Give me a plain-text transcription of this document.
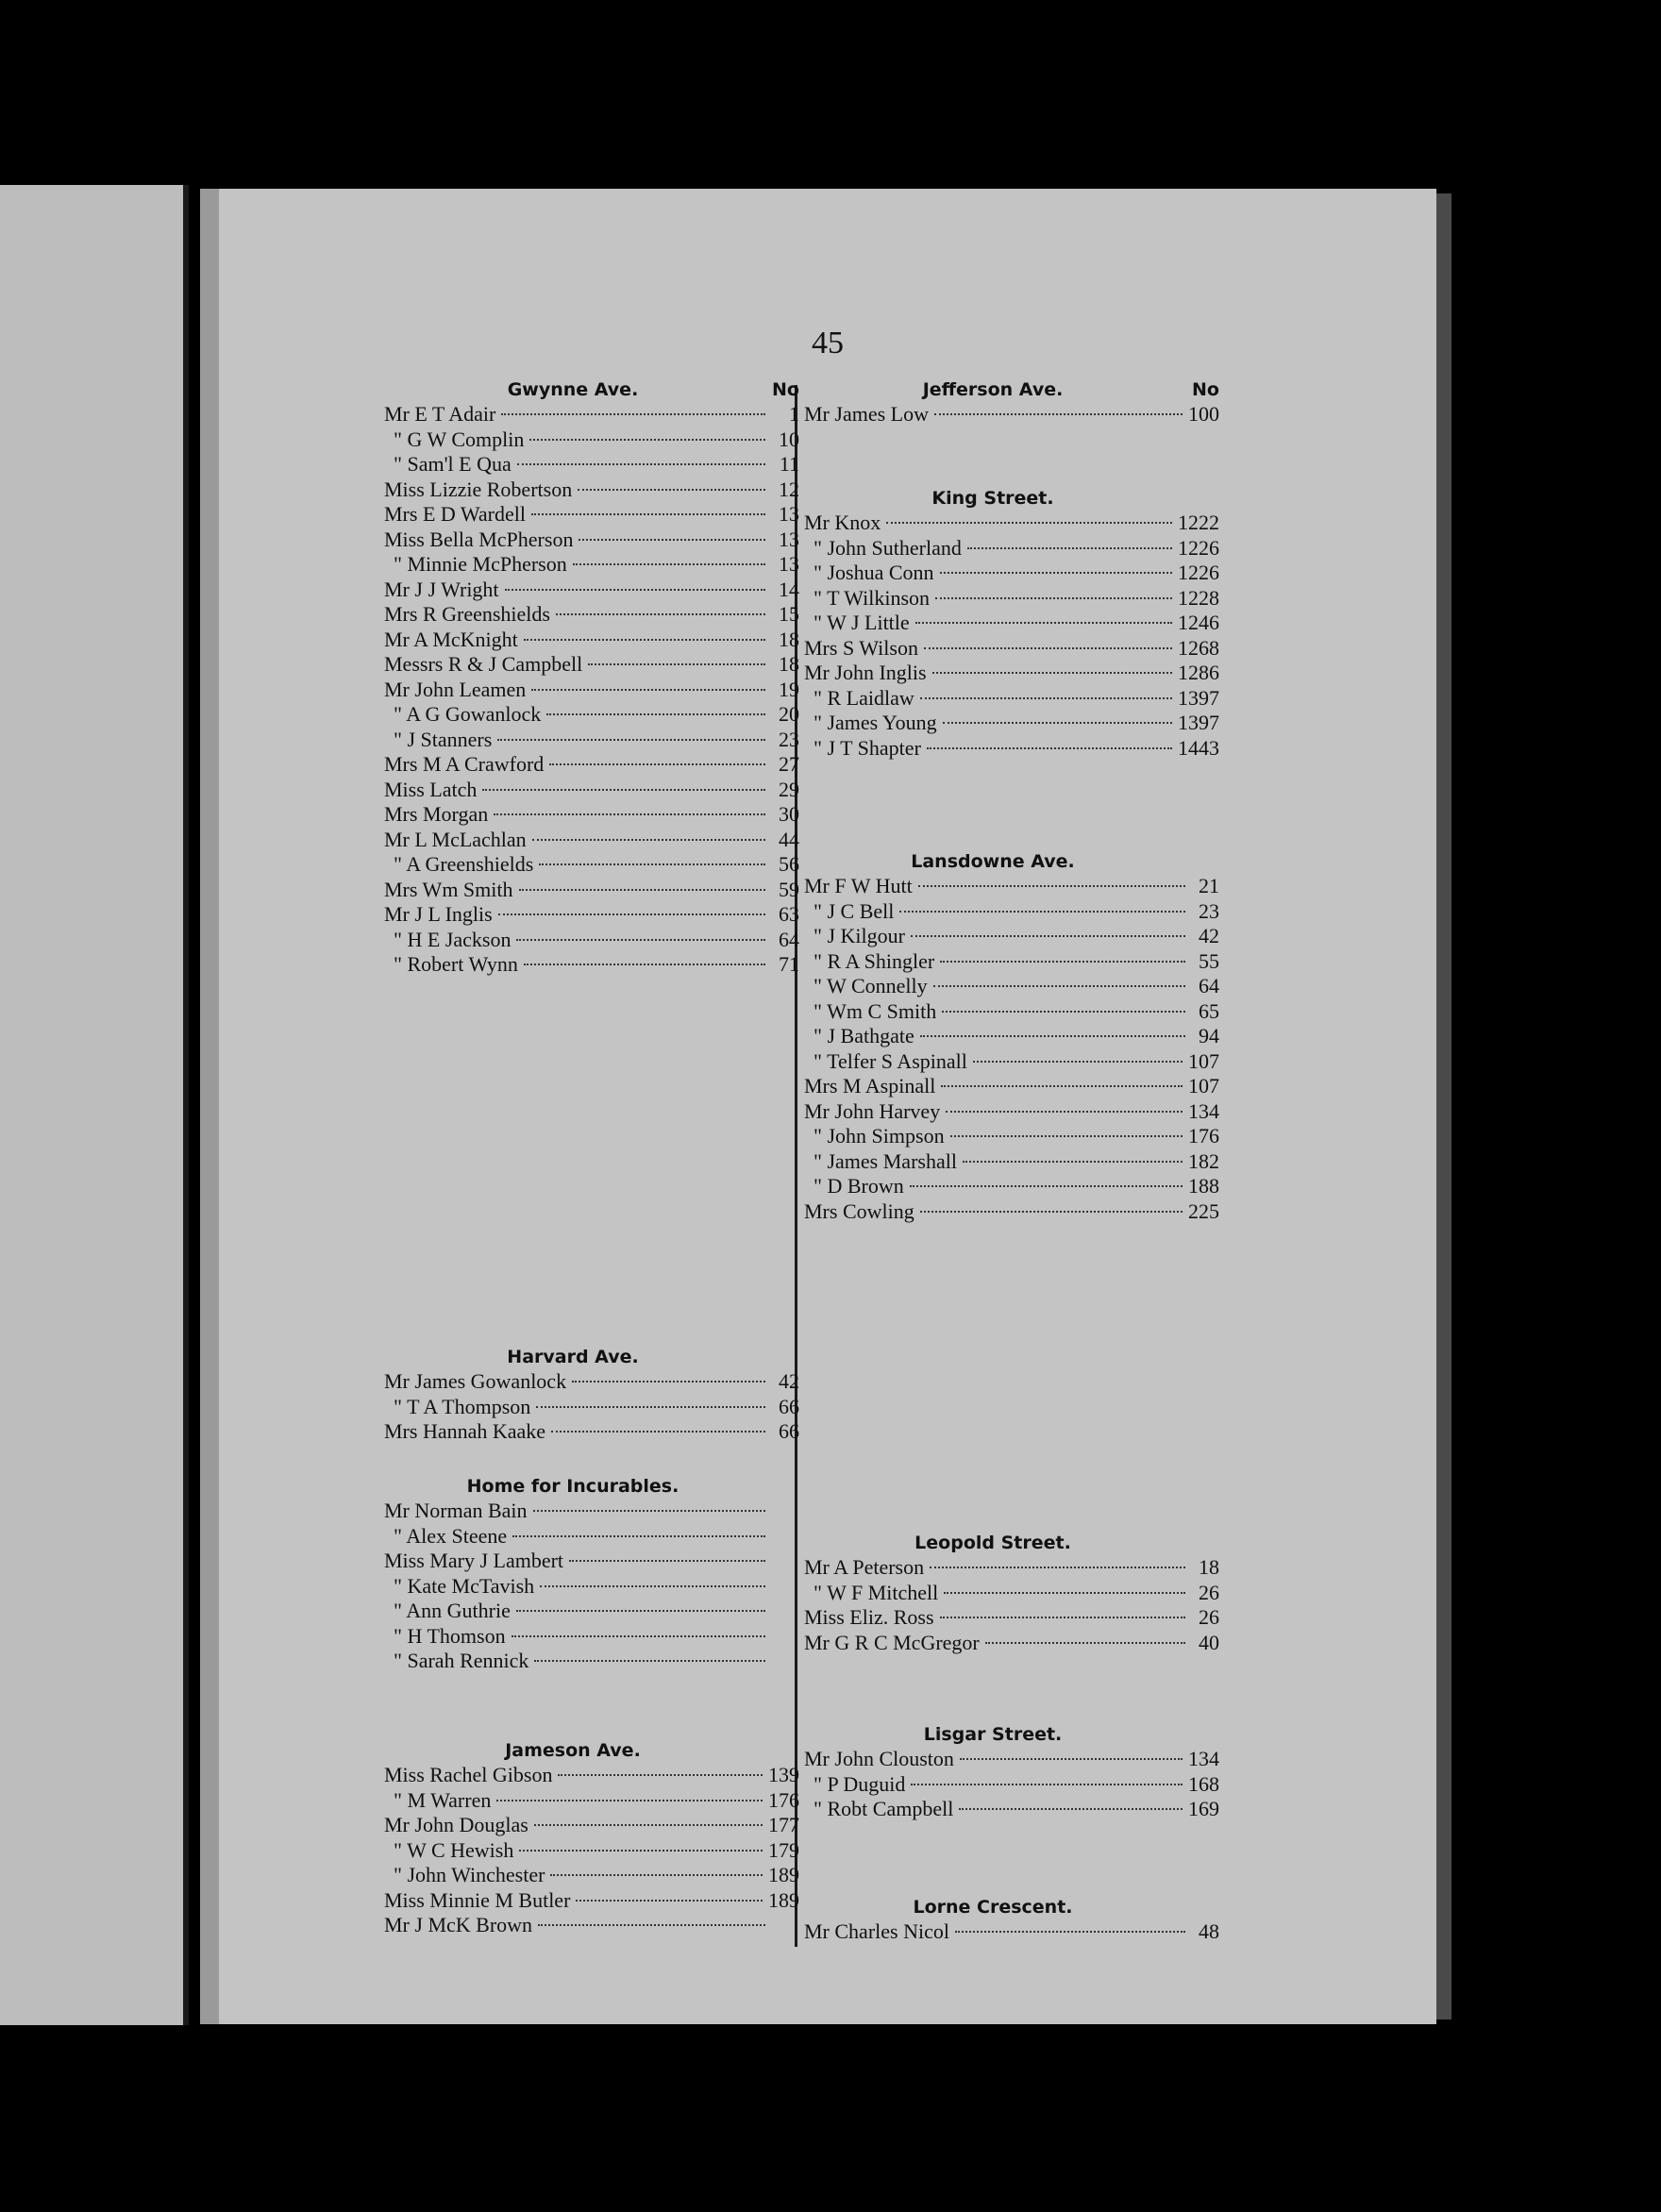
45
Gwynne Ave.	No
Mr E T Adair	1
" G W Complin	10
" Sam'l E Qua	11
Miss Lizzie Robertson	12
Mrs E D Wardell	13
Miss Bella McPherson	13
" Minnie McPherson	13
Mr J J Wright	14
Mrs R Greenshields	15
Mr A McKnight	18
Messrs R & J Campbell	18
Mr John Leamen	19
" A G Gowanlock	20
" J Stanners	23
Mrs M A Crawford	27
Miss Latch	29
Mrs Morgan	30
Mr L McLachlan	44
" A Greenshields	56
Mrs Wm Smith	59
Mr J L Inglis	63
" H E Jackson	64
" Robert Wynn	71
Harvard Ave.
Mr James Gowanlock	42
" T A Thompson	66
Mrs Hannah Kaake	66
Home for Incurables.
Mr Norman Bain
" Alex Steene
Miss Mary J Lambert
" Kate McTavish
" Ann Guthrie
" H Thomson
" Sarah Rennick
Jameson Ave.
Miss Rachel Gibson	139
" M Warren	176
Mr John Douglas	177
" W C Hewish	179
" John Winchester	189
Miss Minnie M Butler	189
Mr J McK Brown
Jefferson Ave.	No
Mr James Low	100
King Street.
Mr Knox	1222
" John Sutherland	1226
" Joshua Conn	1226
" T Wilkinson	1228
" W J Little	1246
Mrs S Wilson	1268
Mr John Inglis	1286
" R Laidlaw	1397
" James Young	1397
" J T Shapter	1443
Lansdowne Ave.
Mr F W Hutt	21
" J C Bell	23
" J Kilgour	42
" R A Shingler	55
" W Connelly	64
" Wm C Smith	65
" J Bathgate	94
" Telfer S Aspinall	107
Mrs M Aspinall	107
Mr John Harvey	134
" John Simpson	176
" James Marshall	182
" D Brown	188
Mrs Cowling	225
Leopold Street.
Mr A Peterson	18
" W F Mitchell	26
Miss Eliz. Ross	26
Mr G R C McGregor	40
Lisgar Street.
Mr John Clouston	134
" P Duguid	168
" Robt Campbell	169
Lorne Crescent.
Mr Charles Nicol	48
